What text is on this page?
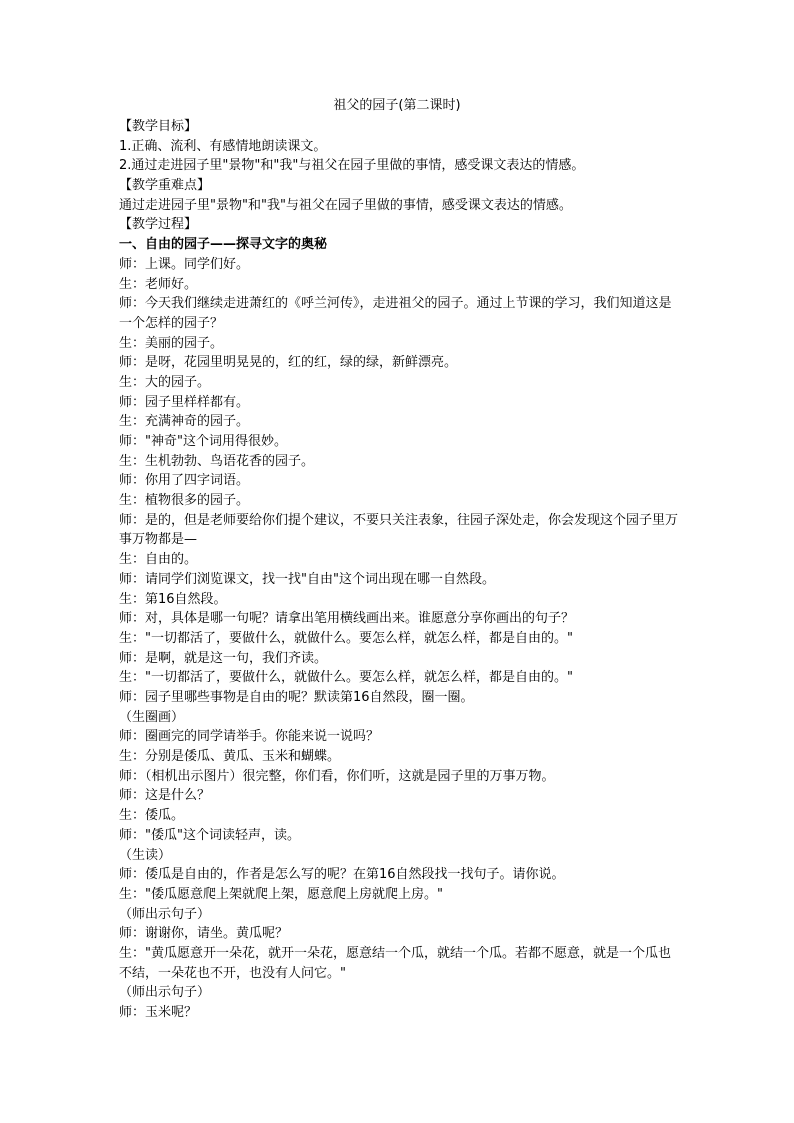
祖父的园子(第二课时)
【教学目标】
1.正确、流利、有感情地朗读课文。
2.通过走进园子里"景物"和"我"与祖父在园子里做的事情，感受课文表达的情感。
【教学重难点】
通过走进园子里"景物"和"我"与祖父在园子里做的事情，感受课文表达的情感。
【教学过程】
一、自由的园子——探寻文字的奥秘
师：上课。同学们好。
生：老师好。
师：今天我们继续走进萧红的《呼兰河传》，走进祖父的园子。通过上节课的学习，我们知道这是一个怎样的园子？
生：美丽的园子。
师：是呀，花园里明晃晃的，红的红，绿的绿，新鲜漂亮。
生：大的园子。
师：园子里样样都有。
生：充满神奇的园子。
师："神奇"这个词用得很妙。
生：生机勃勃、鸟语花香的园子。
师：你用了四字词语。
生：植物很多的园子。
师：是的，但是老师要给你们提个建议，不要只关注表象，往园子深处走，你会发现这个园子里万事万物都是—
生：自由的。
师：请同学们浏览课文，找一找"自由"这个词出现在哪一自然段。
生：第16自然段。
师：对，具体是哪一句呢？请拿出笔用横线画出来。谁愿意分享你画出的句子？
生："一切都活了，要做什么，就做什么。要怎么样，就怎么样，都是自由的。"
师：是啊，就是这一句，我们齐读。
生："一切都活了，要做什么，就做什么。要怎么样，就怎么样，都是自由的。"
师：园子里哪些事物是自由的呢？默读第16自然段，圈一圈。
（生圈画）
师：圈画完的同学请举手。你能来说一说吗？
生：分别是倭瓜、黄瓜、玉米和蝴蝶。
师：（相机出示图片）很完整，你们看，你们听，这就是园子里的万事万物。
师：这是什么？
生：倭瓜。
师："倭瓜"这个词读轻声，读。
（生读）
师：倭瓜是自由的，作者是怎么写的呢？在第16自然段找一找句子。请你说。
生："倭瓜愿意爬上架就爬上架，愿意爬上房就爬上房。"
（师出示句子）
师：谢谢你，请坐。黄瓜呢？
生："黄瓜愿意开一朵花，就开一朵花，愿意结一个瓜，就结一个瓜。若都不愿意，就是一个瓜也不结，一朵花也不开，也没有人问它。"
（师出示句子）
师：玉米呢？
